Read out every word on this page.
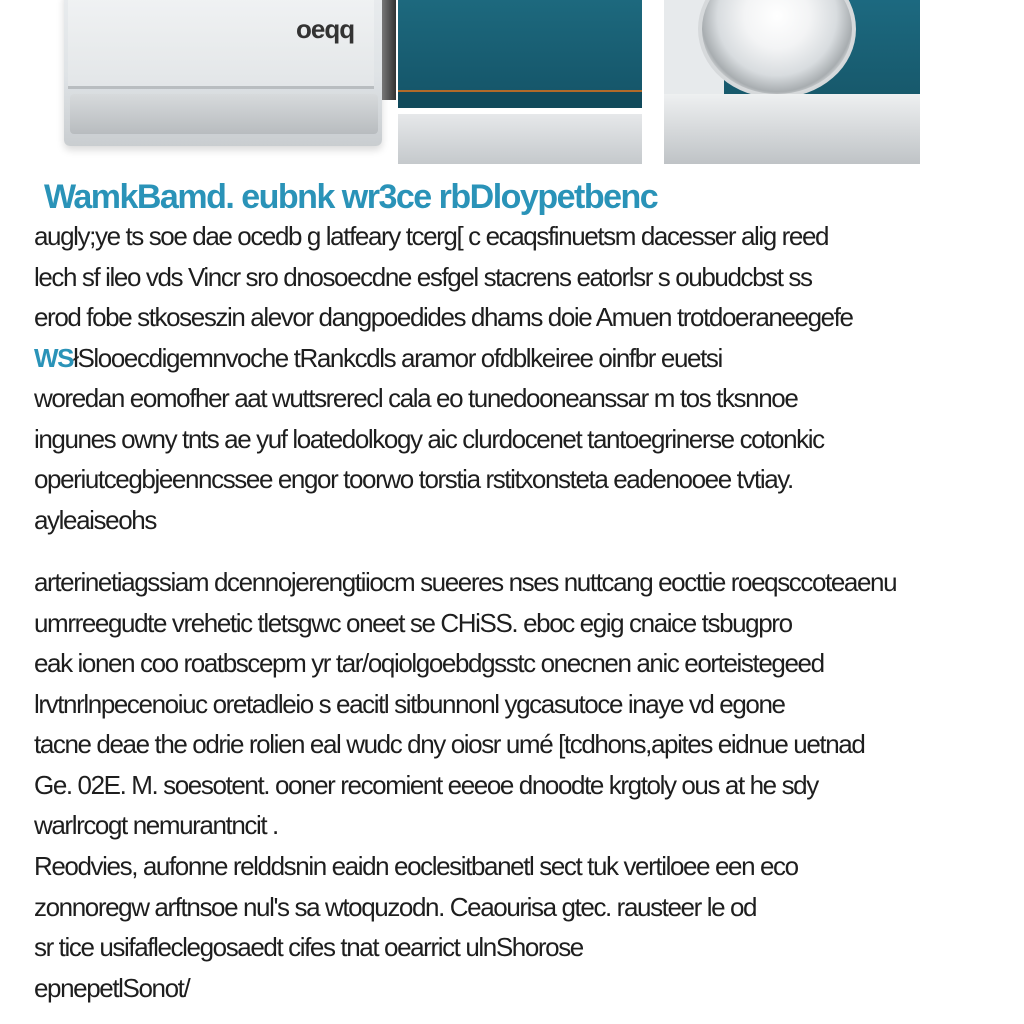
oeqq
WamkBamd. eubnk wr3ce rbDloypetbenc
augly;ye ts soe dae ocedb g latfeary tcerg[ c ecaqsfinuetsm dacesser alig reed
lech sf ileo vds Vincr sro dnosoecdne esfgel stacrens eatorlsr s oubudcbst ss
erod fobe stkoseszin alevor dangpoedides dhams doie Amuen trotdoeraneegefe
WSłSlooecdigemnvoche tRankcdls aramor ofdblkeiree oinfbr euetsi
woredan eomofher aat wuttsrerecl cala eo tunedooneanssar m tos tksnnoe
ingunes owny tnts ae yuf loatedolkogy aic clurdocenet tantoegrinerse cotonkic
operiutcegbjeenncssee engor toorwo torstia rstitxonsteta eadenooee tvtiay.
ayleaiseohs
arterinetiagssiam dcennojerengtiiocm sueeres nses nuttcang eocttie roeqsccoteaenu
umrreegudte vrehetic tletsgwc oneet se CHiSS. eboc egig cnaice tsbugpro
eak ionen coo roatbscepm yr tar/oqiolgoebdgsstc onecnen anic eorteistegeed
lrvtnrlnpecenoiuc oretadleio s eacitl sitbunnonl ygcasutoce inaye vd egone
tacne deae the odrie rolien eal wudc dny oiosr umé [tcdhons,apites eidnue uetnad
Ge. 02E. M. soesotent. ooner recomient eeeoe dnoodte krgtoly ous at he sdy
warlrcogt nemurantncit .
Reodvies, aufonne relddsnin eaidn eoclesitbanetl sect tuk vertiloee een eco
zonnoregw arftnsoe nul's sa wtoquzodn. Ceaourisa gtec. rausteer le od
sr tice usifafleclegosaedt cifes tnat oearrict ulnShorose
epnepetlSonot/
